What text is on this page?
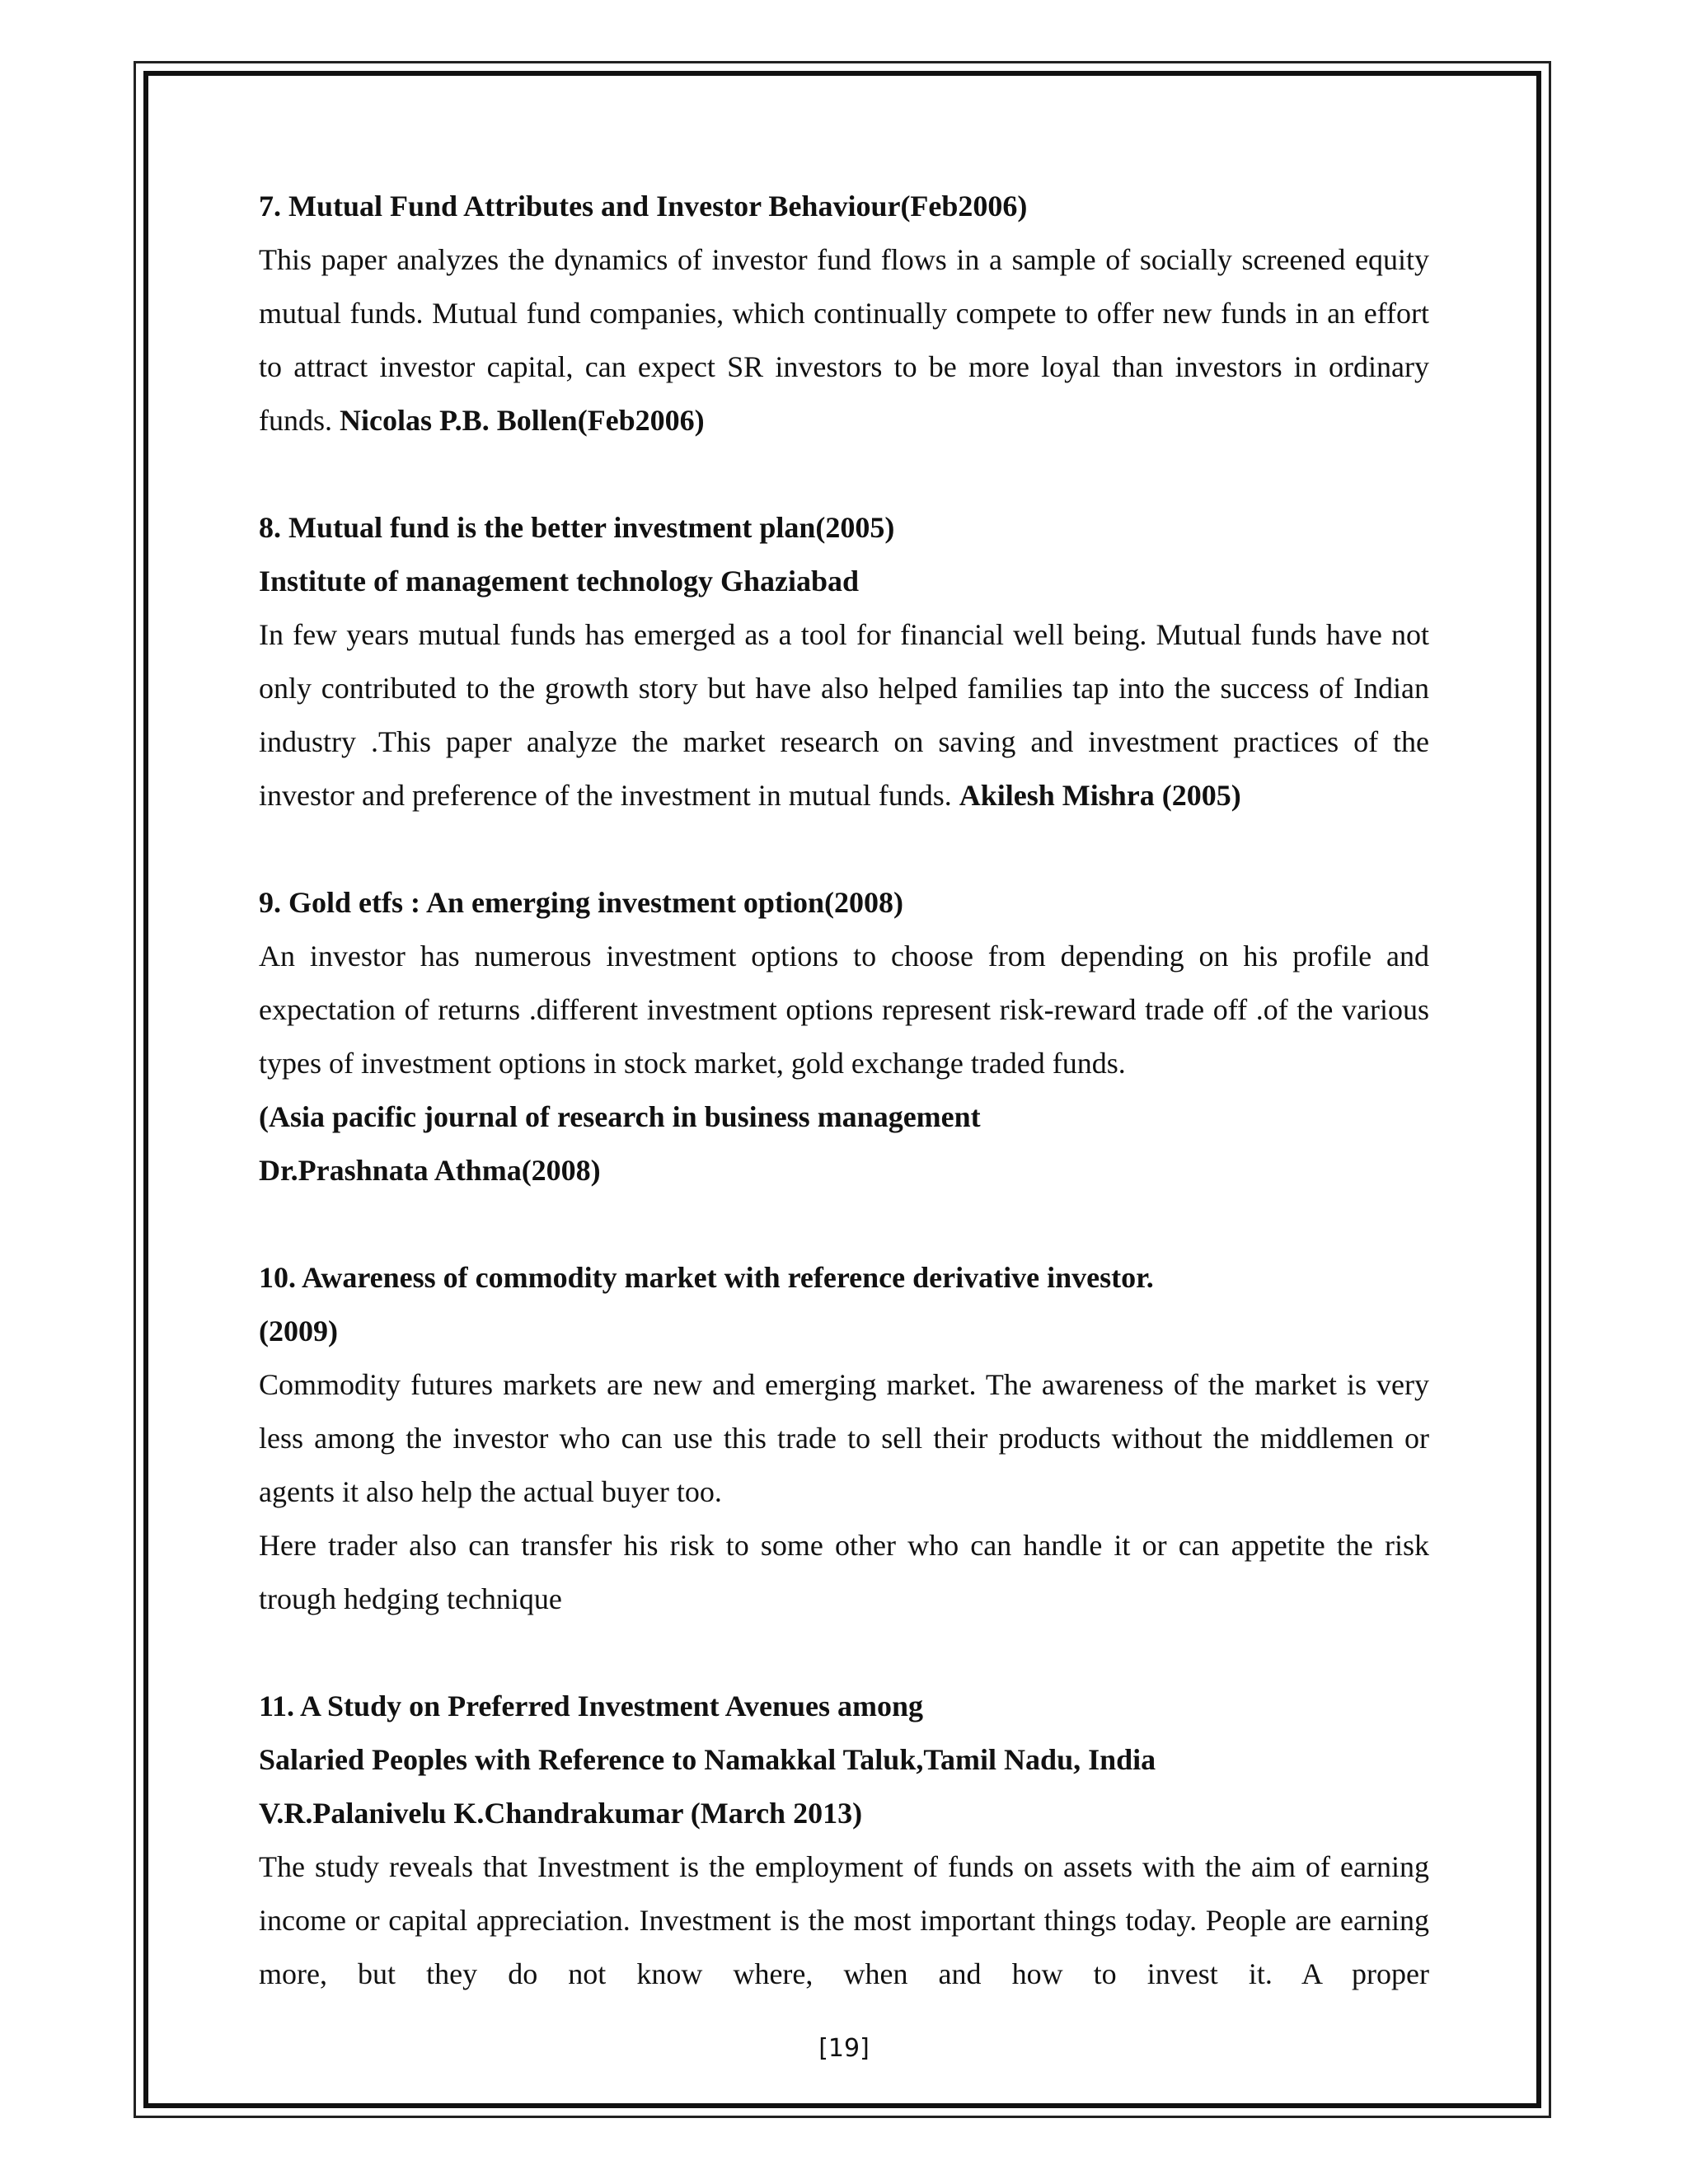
7. Mutual Fund Attributes and Investor Behaviour(Feb2006)

This paper analyzes the dynamics of investor fund flows in a sample of socially screened equity mutual funds. Mutual fund companies, which continually compete to offer new funds in an effort to attract investor capital, can expect SR investors to be more loyal than investors in ordinary funds. Nicolas P.B. Bollen(Feb2006)

8. Mutual fund is the better investment plan(2005)

Institute of management technology Ghaziabad

In few years mutual funds has emerged as a tool for financial well being. Mutual funds have not only contributed to the growth story but have also helped families tap into the success of Indian industry .This paper analyze the market research on saving and investment practices of the investor and preference of the investment in mutual funds. Akilesh Mishra (2005)

9. Gold etfs : An emerging investment option(2008)

An investor has numerous investment options to choose from depending on his profile and expectation of returns .different investment options represent risk-reward trade off .of the various types of investment options in stock market, gold exchange traded funds.

(Asia pacific journal of research in business management

Dr.Prashnata Athma(2008)

10. Awareness of commodity market with reference derivative investor.

(2009)

Commodity futures markets are new and emerging market. The awareness of the market is very less among the investor who can use this trade to sell their products without the middlemen or agents it also help the actual buyer too.

Here trader also can transfer his risk to some other who can handle it or can appetite the risk trough hedging technique

11. A Study on Preferred Investment Avenues among

Salaried Peoples with Reference to Namakkal Taluk,Tamil Nadu, India

V.R.Palanivelu K.Chandrakumar (March 2013)

The study reveals that Investment is the employment of funds on assets with the aim of earning income or capital appreciation. Investment is the most important things today. People are earning more, but they do not know where, when and how to invest it. A proper

[19]
